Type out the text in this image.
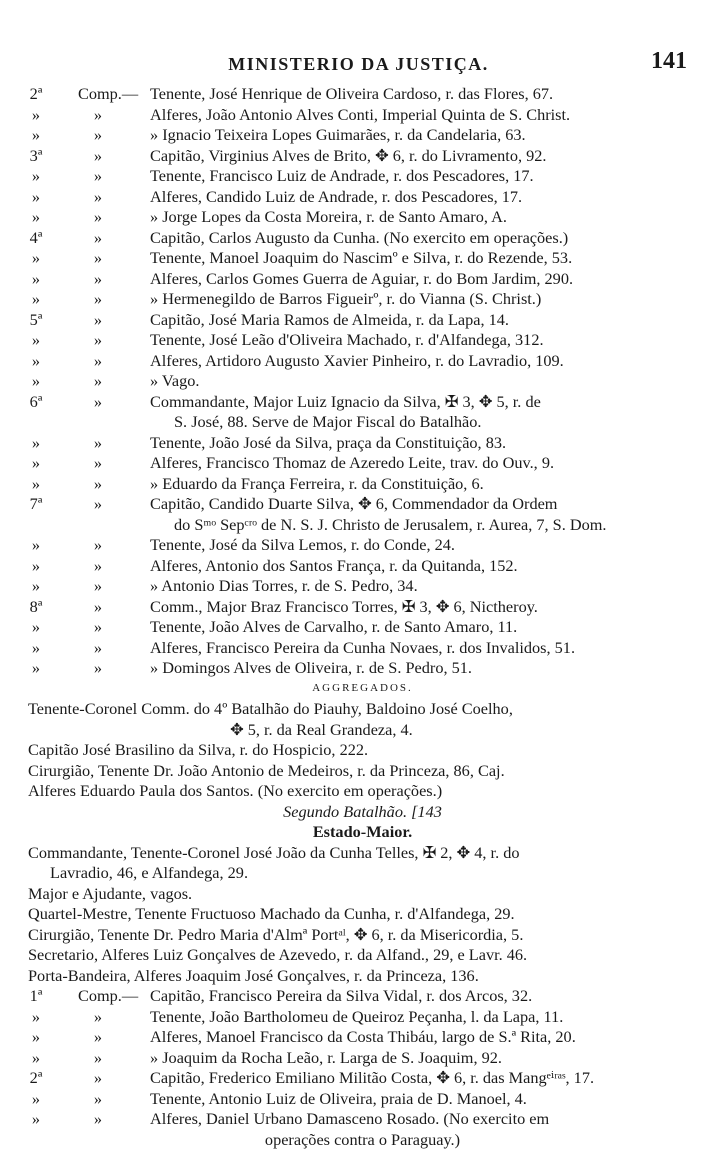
MINISTERIO DA JUSTIÇA.	141
2ª	Comp.— Tenente, José Henrique de Oliveira Cardoso, r. das Flores, 67.
»	»	Alferes, João Antonio Alves Conti, Imperial Quinta de S. Christ.
»	»	» Ignacio Teixeira Lopes Guimarães, r. da Candelaria, 63.
3ª	»	Capitão, Virginius Alves de Brito, ✥ 6, r. do Livramento, 92.
»	»	Tenente, Francisco Luiz de Andrade, r. dos Pescadores, 17.
»	»	Alferes, Candido Luiz de Andrade, r. dos Pescadores, 17.
»	»	» Jorge Lopes da Costa Moreira, r. de Santo Amaro, A.
4ª	»	Capitão, Carlos Augusto da Cunha. (No exercito em operações.)
»	»	Tenente, Manoel Joaquim do Nascimº e Silva, r. do Rezende, 53.
»	»	Alferes, Carlos Gomes Guerra de Aguiar, r. do Bom Jardim, 290.
»	»	» Hermenegildo de Barros Figueirº, r. do Vianna (S. Christ.)
5ª	»	Capitão, José Maria Ramos de Almeida, r. da Lapa, 14.
»	»	Tenente, José Leão d'Oliveira Machado, r. d'Alfandega, 312.
»	»	Alferes, Artidoro Augusto Xavier Pinheiro, r. do Lavradio, 109.
»	»	» Vago.
6ª	»	Commandante, Major Luiz Ignacio da Silva, ✠ 3, ✥ 5, r. de
S. José, 88. Serve de Major Fiscal do Batalhão.
»	»	Tenente, João José da Silva, praça da Constituição, 83.
»	»	Alferes, Francisco Thomaz de Azeredo Leite, trav. do Ouv., 9.
»	»	» Eduardo da França Ferreira, r. da Constituição, 6.
7ª	»	Capitão, Candido Duarte Silva, ✥ 6, Commendador da Ordem
do Sᵐᵒ Sepᶜʳᵒ de N. S. J. Christo de Jerusalem, r. Aurea, 7, S. Dom.
»	»	Tenente, José da Silva Lemos, r. do Conde, 24.
»	»	Alferes, Antonio dos Santos França, r. da Quitanda, 152.
»	»	» Antonio Dias Torres, r. de S. Pedro, 34.
8ª	»	Comm., Major Braz Francisco Torres, ✠ 3, ✥ 6, Nictheroy.
»	»	Tenente, João Alves de Carvalho, r. de Santo Amaro, 11.
»	»	Alferes, Francisco Pereira da Cunha Novaes, r. dos Invalidos, 51.
»	»	» Domingos Alves de Oliveira, r. de S. Pedro, 51.
AGGREGADOS.
Tenente-Coronel Comm. do 4º Batalhão do Piauhy, Baldoino José Coelho,
✥ 5, r. da Real Grandeza, 4.
Capitão José Brasilino da Silva, r. do Hospicio, 222.
Cirurgião, Tenente Dr. João Antonio de Medeiros, r. da Princeza, 86, Caj.
Alferes Eduardo Paula dos Santos. (No exercito em operações.)
Segundo Batalhão. [143
Estado-Maior.
Commandante, Tenente-Coronel José João da Cunha Telles, ✠ 2, ✥ 4, r. do
Lavradio, 46, e Alfandega, 29.
Major e Ajudante, vagos.
Quartel-Mestre, Tenente Fructuoso Machado da Cunha, r. d'Alfandega, 29.
Cirurgião, Tenente Dr. Pedro Maria d'Almª Portᵃˡ, ✥ 6, r. da Misericordia, 5.
Secretario, Alferes Luiz Gonçalves de Azevedo, r. da Alfand., 29, e Lavr. 46.
Porta-Bandeira, Alferes Joaquim José Gonçalves, r. da Princeza, 136.
1ª	Comp.— Capitão, Francisco Pereira da Silva Vidal, r. dos Arcos, 32.
»	»	Tenente, João Bartholomeu de Queiroz Peçanha, l. da Lapa, 11.
»	»	Alferes, Manoel Francisco da Costa Thibáu, largo de S.ª Rita, 20.
»	»	» Joaquim da Rocha Leão, r. Larga de S. Joaquim, 92.
2ª	»	Capitão, Frederico Emiliano Militão Costa, ✥ 6, r. das Mangᵉⁱʳᵃˢ, 17.
»	»	Tenente, Antonio Luiz de Oliveira, praia de D. Manoel, 4.
»	»	Alferes, Daniel Urbano Damasceno Rosado. (No exercito em
operações contra o Paraguay.)
